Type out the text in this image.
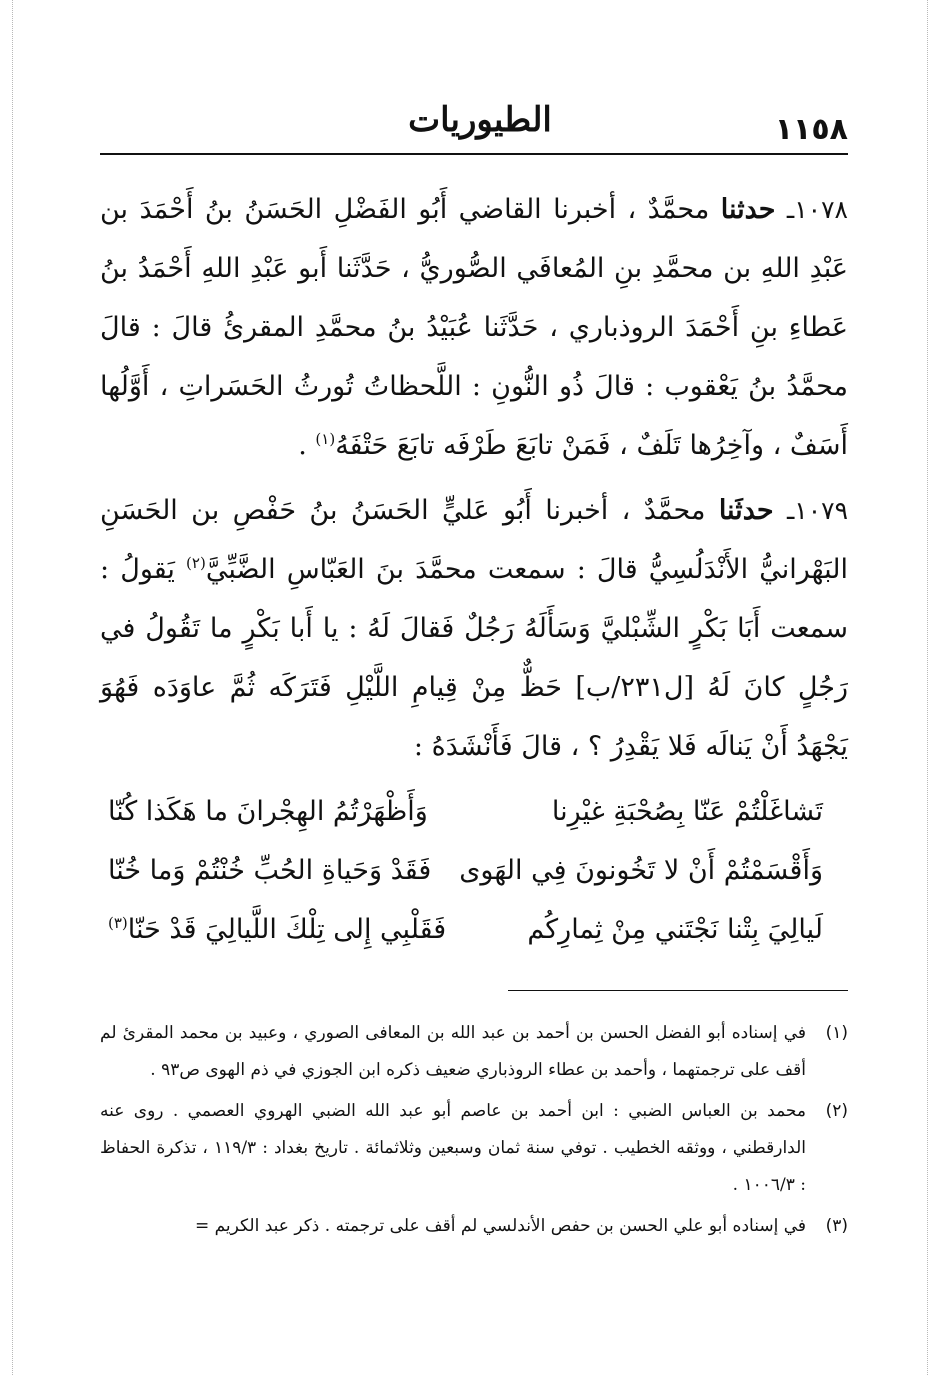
الطيوريات	١١٥٨

١٠٧٨ـ حدثنا محمَّدٌ ، أخبرنا القاضي أَبُو الفَضْلِ الحَسَنُ بنُ أَحْمَدَ بن عَبْدِ اللهِ بن محمَّدِ بنِ المُعافَي الصُّوريُّ ، حَدَّثَنا أَبو عَبْدِ اللهِ أَحْمَدُ بنُ عَطاءِ بنِ أَحْمَدَ الروذباري ، حَدَّثَنا عُبَيْدُ بنُ محمَّدِ المقرئُ قالَ : قالَ محمَّدُ بنُ يَعْقوب : قالَ ذُو النُّونِ : اللَّحظاتُ تُورثُ الحَسَراتِ ، أَوَّلُها أَسَفٌ ، وآخِرُها تَلَفٌ ، فَمَنْ تابَعَ طَرْفَه تابَعَ حَتْفَهُ$^{(١)}$ .

١٠٧٩ـ حدثَنا محمَّدٌ ، أخبرنا أَبُو عَليٍّ الحَسَنُ بنُ حَفْصِ بن الحَسَنِ البَهْرانيُّ الأَنْدَلُسِيُّ قالَ : سمعت محمَّدَ بنَ العَبّاسِ الضَّبِّيَّ$^{(٢)}$ يَقولُ : سمعت أَبَا بَكْرٍ الشِّبْليَّ وَسَأَلَهُ رَجُلٌ فَقالَ لَهُ : يا أَبا بَكْرٍ ما تَقُولُ في رَجُلٍ كانَ لَهُ [ل٢٣١/ب] حَظٌّ مِنْ قِيامِ اللَّيْلِ فَتَرَكَه ثُمَّ عاوَدَه فَهُوَ يَجْهَدُ أَنْ يَنالَه فَلا يَقْدِرُ ؟ ، قالَ فَأَنْشَدَهُ :

تَشاغَلْتُمْ عَنّا بِصُحْبَةِ غيْرِنا
وَأَظْهَرْتُمُ الهِجْرانَ ما هَكَذا كُنّا
وَأَقْسَمْتُمْ أَنْ لا تَخُونونَ فِي الهَوى
فَقَدْ وَحَياةِ الحُبِّ خُنْتُمْ وَما خُنّا
لَيالِيَ بِتْنا نَجْتَني مِنْ ثِمارِكُم
فَقَلْبِي إِلى تِلْكَ اللَّيالِيَ قَدْ حَنّا$^{(٣)}$
(١)
في إسناده أبو الفضل الحسن بن أحمد بن عبد الله بن المعافى الصوري ، وعبيد بن محمد المقرئ لم أقف على ترجمتهما ، وأحمد بن عطاء الروذباري ضعيف ذكره ابن الجوزي في ذم الهوى ص٩٣ .
(٢)
محمد بن العباس الضبي : ابن أحمد بن عاصم أبو عبد الله الضبي الهروي العصمي . روى عنه الدارقطني ، ووثقه الخطيب . توفي سنة ثمان وسبعين وثلاثمائة . تاريخ بغداد : ١١٩/٣ ، تذكرة الحفاظ : ١٠٠٦/٣ .
(٣)
في إسناده أبو علي الحسن بن حفص الأندلسي لم أقف على ترجمته . ذكر عبد الكريم =
